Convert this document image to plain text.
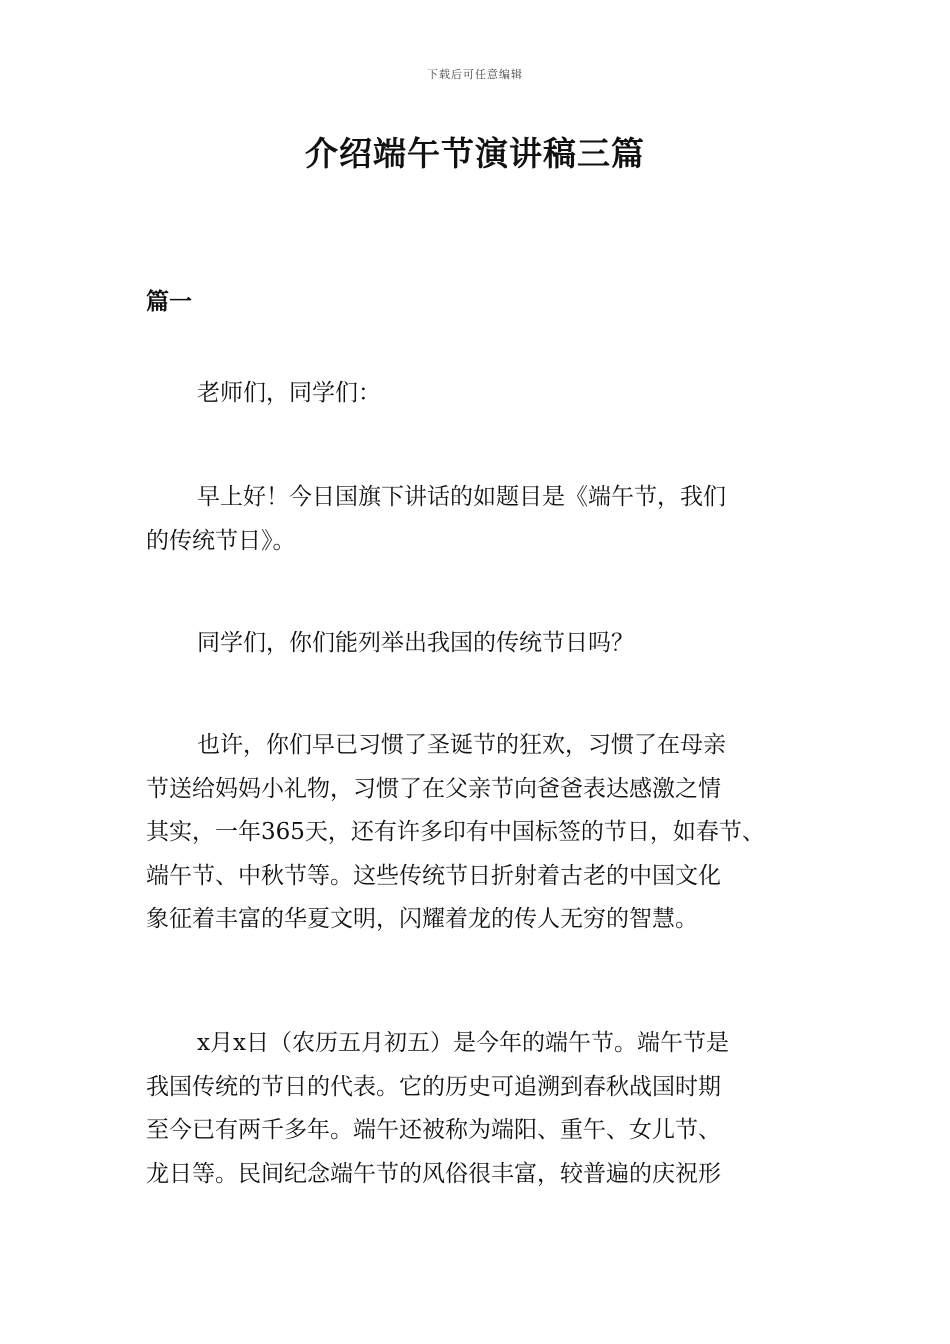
下载后可任意编辑
介绍端午节演讲稿三篇
篇一

老师们，同学们：

早上好！今日国旗下讲话的如题目是《端午节，我们
的传统节日》。

同学们，你们能列举出我国的传统节日吗？

也许，你们早已习惯了圣诞节的狂欢，习惯了在母亲
节送给妈妈小礼物，习惯了在父亲节向爸爸表达感激之情
其实，一年365天，还有许多印有中国标签的节日，如春节、
端午节、中秋节等。这些传统节日折射着古老的中国文化
象征着丰富的华夏文明，闪耀着龙的传人无穷的智慧。

x月x日（农历五月初五）是今年的端午节。端午节是
我国传统的节日的代表。它的历史可追溯到春秋战国时期
至今已有两千多年。端午还被称为端阳、重午、女儿节、
龙日等。民间纪念端午节的风俗很丰富，较普遍的庆祝形
